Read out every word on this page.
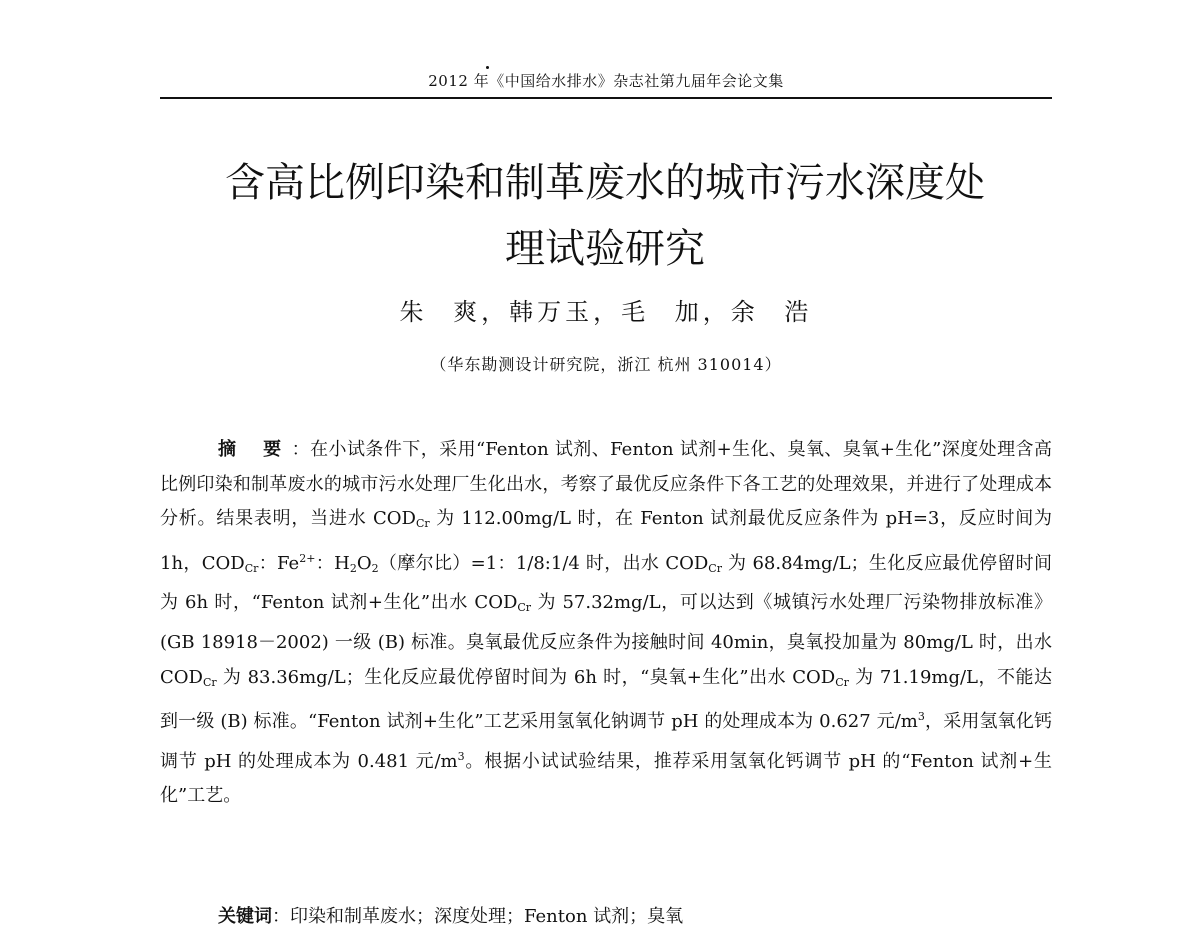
2012 年《中国给水排水》杂志社第九届年会论文集
含高比例印染和制革废水的城市污水深度处
理试验研究
朱 爽，韩万玉，毛 加，余 浩
（华东勘测设计研究院，浙江 杭州 310014）

摘 要：在小试条件下，采用“Fenton 试剂、Fenton 试剂+生化、臭氧、臭氧+生化”深度处理含高比例印染和制革废水的城市污水处理厂生化出水，考察了最优反应条件下各工艺的处理效果，并进行了处理成本分析。结果表明，当进水 $COD_{Cr}$ 为 112.00mg/L 时，在 Fenton 试剂最优反应条件为 pH=3，反应时间为 1h，$COD_{Cr}$：$Fe^{2+}$：$H_2O_2$（摩尔比）=1：1/8:1/4 时，出水 $COD_{Cr}$ 为 68.84mg/L；生化反应最优停留时间为 6h 时，“Fenton 试剂+生化”出水 $COD_{Cr}$ 为 57.32mg/L，可以达到《城镇污水处理厂污染物排放标准》(GB 18918－2002) 一级 (B) 标准。臭氧最优反应条件为接触时间 40min，臭氧投加量为 80mg/L 时，出水 $COD_{Cr}$ 为 83.36mg/L；生化反应最优停留时间为 6h 时，“臭氧+生化”出水 $COD_{Cr}$ 为 71.19mg/L，不能达到一级 (B) 标准。“Fenton 试剂+生化”工艺采用氢氧化钠调节 pH 的处理成本为 0.627 元$/m^3$，采用氢氧化钙调节 pH 的处理成本为 0.481 元$/m^3$。根据小试试验结果，推荐采用氢氧化钙调节 pH 的“Fenton 试剂+生化”工艺。

关键词：印染和制革废水；深度处理；Fenton 试剂；臭氧
